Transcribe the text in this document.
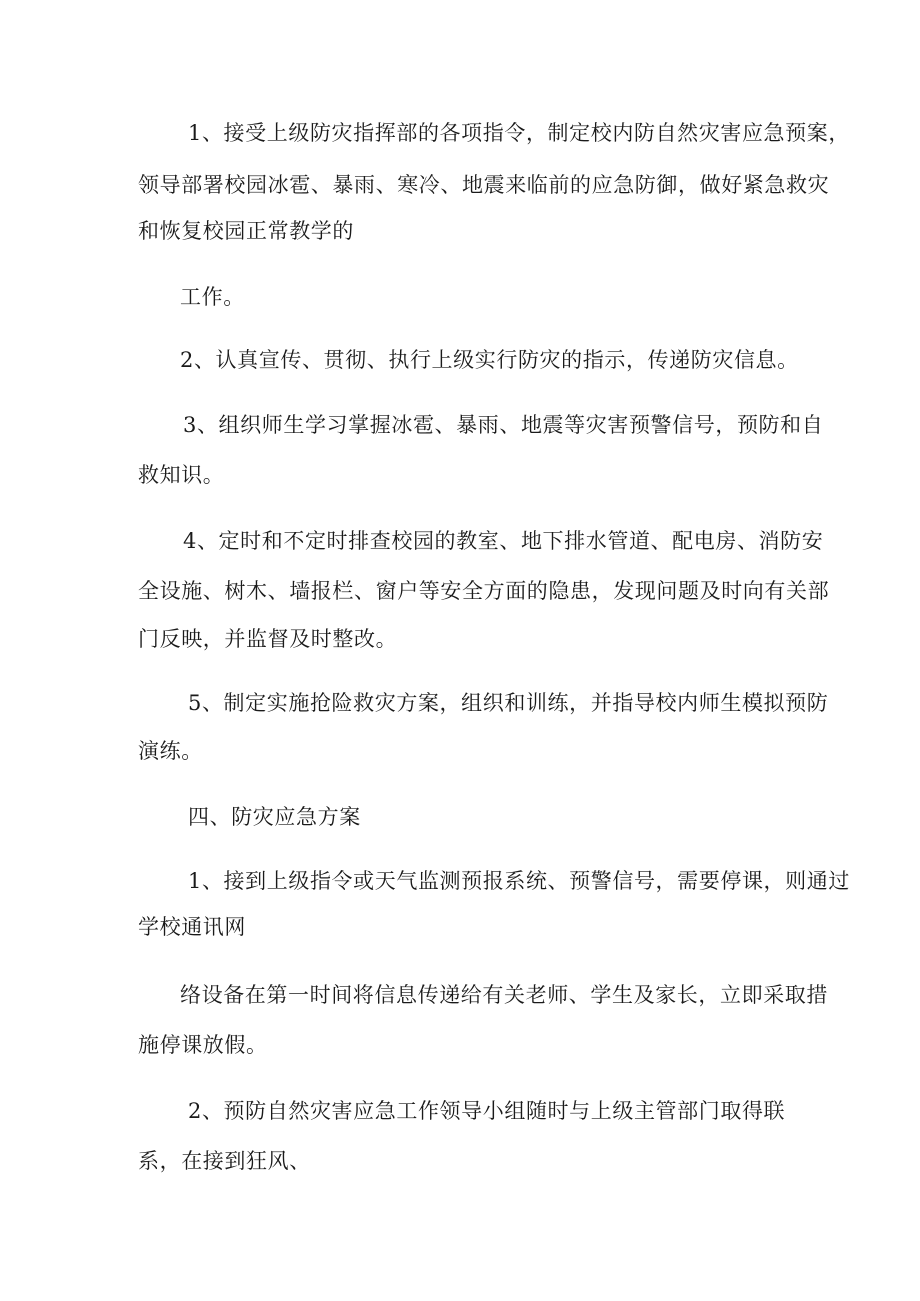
1、接受上级防灾指挥部的各项指令，制定校内防自然灾害应急预案，
领导部署校园冰雹、暴雨、寒冷、地震来临前的应急防御，做好紧急救灾
和恢复校园正常教学的
工作。
2、认真宣传、贯彻、执行上级实行防灾的指示，传递防灾信息。
3、组织师生学习掌握冰雹、暴雨、地震等灾害预警信号，预防和自
救知识。
4、定时和不定时排查校园的教室、地下排水管道、配电房、消防安
全设施、树木、墙报栏、窗户等安全方面的隐患，发现问题及时向有关部
门反映，并监督及时整改。
5、制定实施抢险救灾方案，组织和训练，并指导校内师生模拟预防
演练。
四、防灾应急方案
1、接到上级指令或天气监测预报系统、预警信号，需要停课，则通过
学校通讯网
络设备在第一时间将信息传递给有关老师、学生及家长，立即采取措
施停课放假。
2、预防自然灾害应急工作领导小组随时与上级主管部门取得联
系，在接到狂风、
